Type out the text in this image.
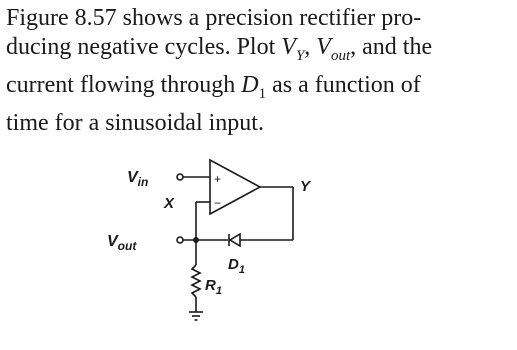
Figure 8.57 shows a precision rectifier pro-
ducing negative cycles. Plot $V_Y$, $V_{out}$, and the
current flowing through $D_1$ as a function of
time for a sinusoidal input.
+
−
$V_{in}$
$V_{out}$
X
Y
$D_1$
$R_1$
